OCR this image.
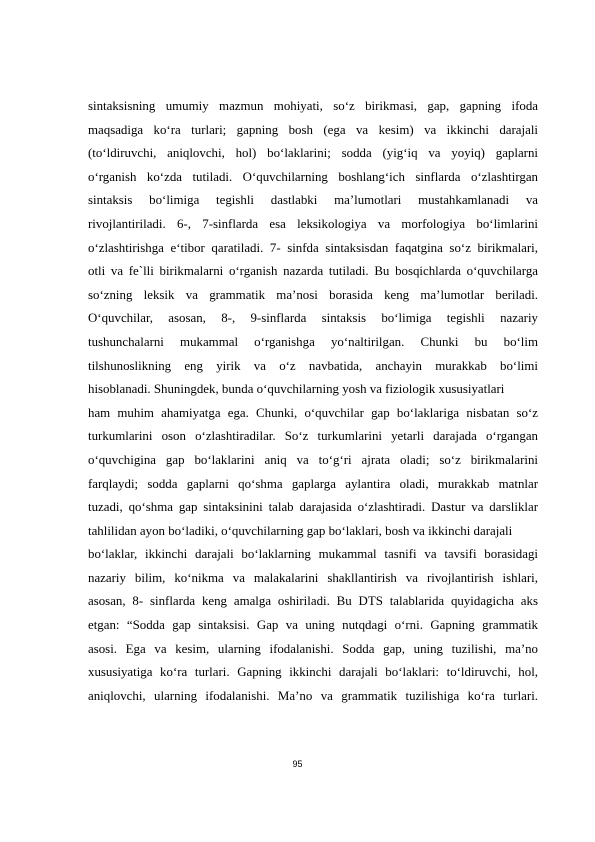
sintaksisning umumiy mazmun mohiyati, so‘z birikmasi, gap, gapning ifoda
maqsadiga ko‘ra turlari; gapning bosh (ega va kesim) va ikkinchi darajali
(to‘ldiruvchi, aniqlovchi, hol) bo‘laklarini; sodda (yig‘iq va yoyiq) gaplarni
o‘rganish ko‘zda tutiladi. O‘quvchilarning boshlang‘ich sinflarda o‘zlashtirgan
sintaksis bo‘limiga tegishli dastlabki ma’lumotlari mustahkamlanadi va
rivojlantiriladi. 6-, 7-sinflarda esa leksikologiya va morfologiya bo‘limlarini
o‘zlashtirishga e‘tibor qaratiladi. 7- sinfda sintaksisdan faqatgina so‘z birikmalari,
otli va fe`lli birikmalarni o‘rganish nazarda tutiladi. Bu bosqichlarda o‘quvchilarga
so‘zning leksik va grammatik ma’nosi borasida keng ma’lumotlar beriladi.
O‘quvchilar, asosan, 8-, 9-sinflarda sintaksis bo‘limiga tegishli nazariy
tushunchalarni mukammal o‘rganishga yo‘naltirilgan. Chunki bu bo‘lim
tilshunoslikning eng yirik va o‘z navbatida, anchayin murakkab bo‘limi
hisoblanadi. Shuningdek, bunda o‘quvchilarning yosh va fiziologik xususiyatlari
ham muhim ahamiyatga ega. Chunki, o‘quvchilar gap bo‘laklariga nisbatan so‘z
turkumlarini oson o‘zlashtiradilar. So‘z turkumlarini yetarli darajada o‘rgangan
o‘quvchigina gap bo‘laklarini aniq va to‘g‘ri ajrata oladi; so‘z birikmalarini
farqlaydi; sodda gaplarni qo‘shma gaplarga aylantira oladi, murakkab matnlar
tuzadi, qo‘shma gap sintaksinini talab darajasida o‘zlashtiradi. Dastur va darsliklar
tahlilidan ayon bo‘ladiki, o‘quvchilarning gap bo‘laklari, bosh va ikkinchi darajali
bo‘laklar, ikkinchi darajali bo‘laklarning mukammal tasnifi va tavsifi borasidagi
nazariy bilim, ko‘nikma va malakalarini shakllantirish va rivojlantirish ishlari,
asosan, 8- sinflarda keng amalga oshiriladi. Bu DTS talablarida quyidagicha aks
etgan: “Sodda gap sintaksisi. Gap va uning nutqdagi o‘rni. Gapning grammatik
asosi. Ega va kesim, ularning ifodalanishi. Sodda gap, uning tuzilishi, ma’no
xususiyatiga ko‘ra turlari. Gapning ikkinchi darajali bo‘laklari: to‘ldiruvchi, hol,
aniqlovchi, ularning ifodalanishi. Ma’no va grammatik tuzilishiga ko‘ra turlari.
95
